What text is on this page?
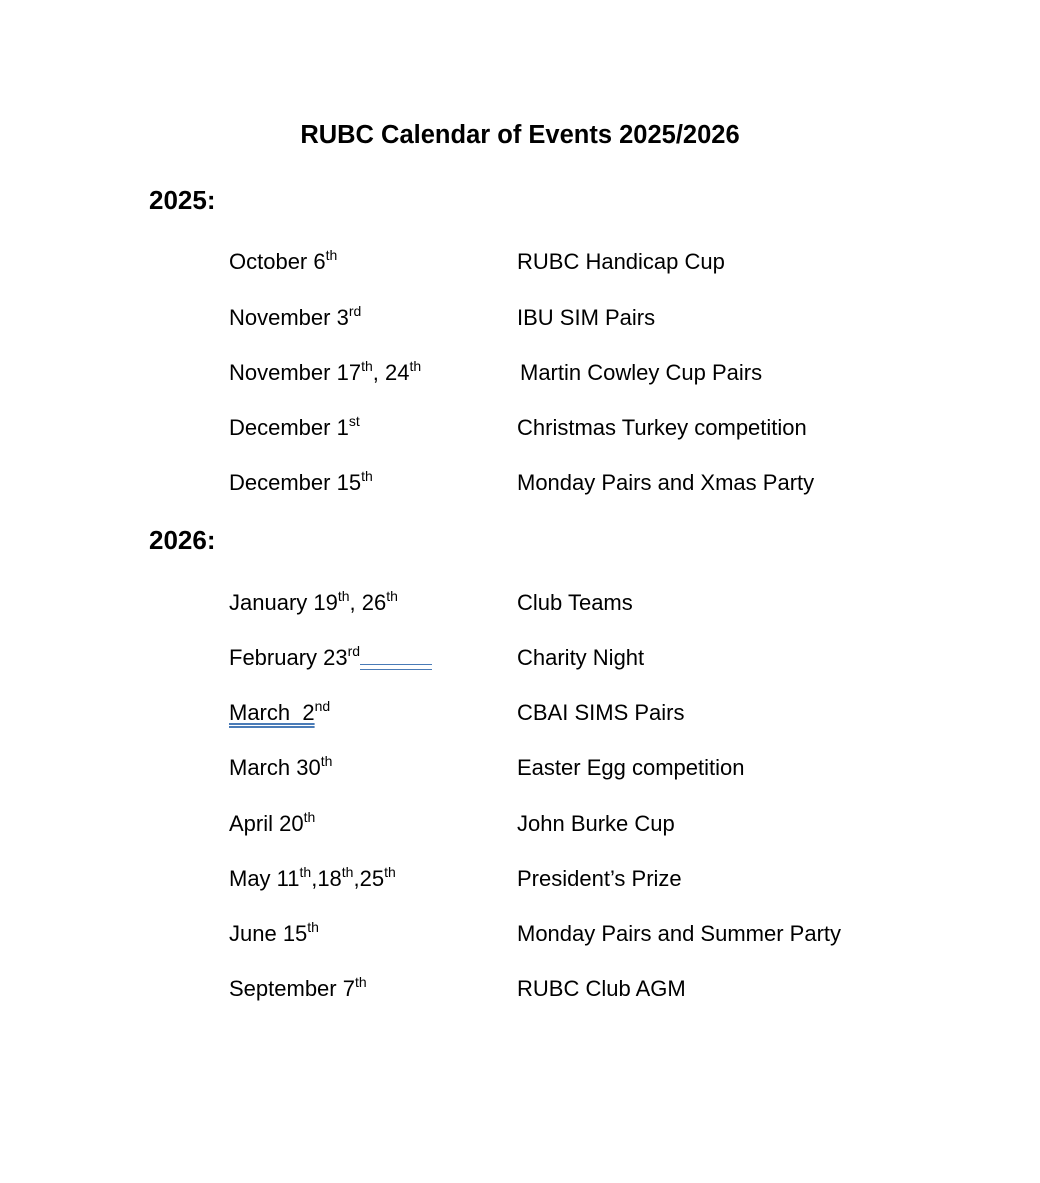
RUBC Calendar of Events 2025/2026
2025:
October 6th	RUBC Handicap Cup
November 3rd	IBU SIM Pairs
November 17th, 24th	Martin Cowley Cup Pairs
December 1st	Christmas Turkey competition
December 15th	Monday Pairs and Xmas Party
2026:
January 19th, 26th	Club Teams
February 23rd	Charity Night
March  2nd	CBAI SIMS Pairs
March 30th	Easter Egg competition
April 20th	John Burke Cup
May 11th,18th,25th	President’s Prize
June 15th	Monday Pairs and Summer Party
September 7th	RUBC Club AGM
